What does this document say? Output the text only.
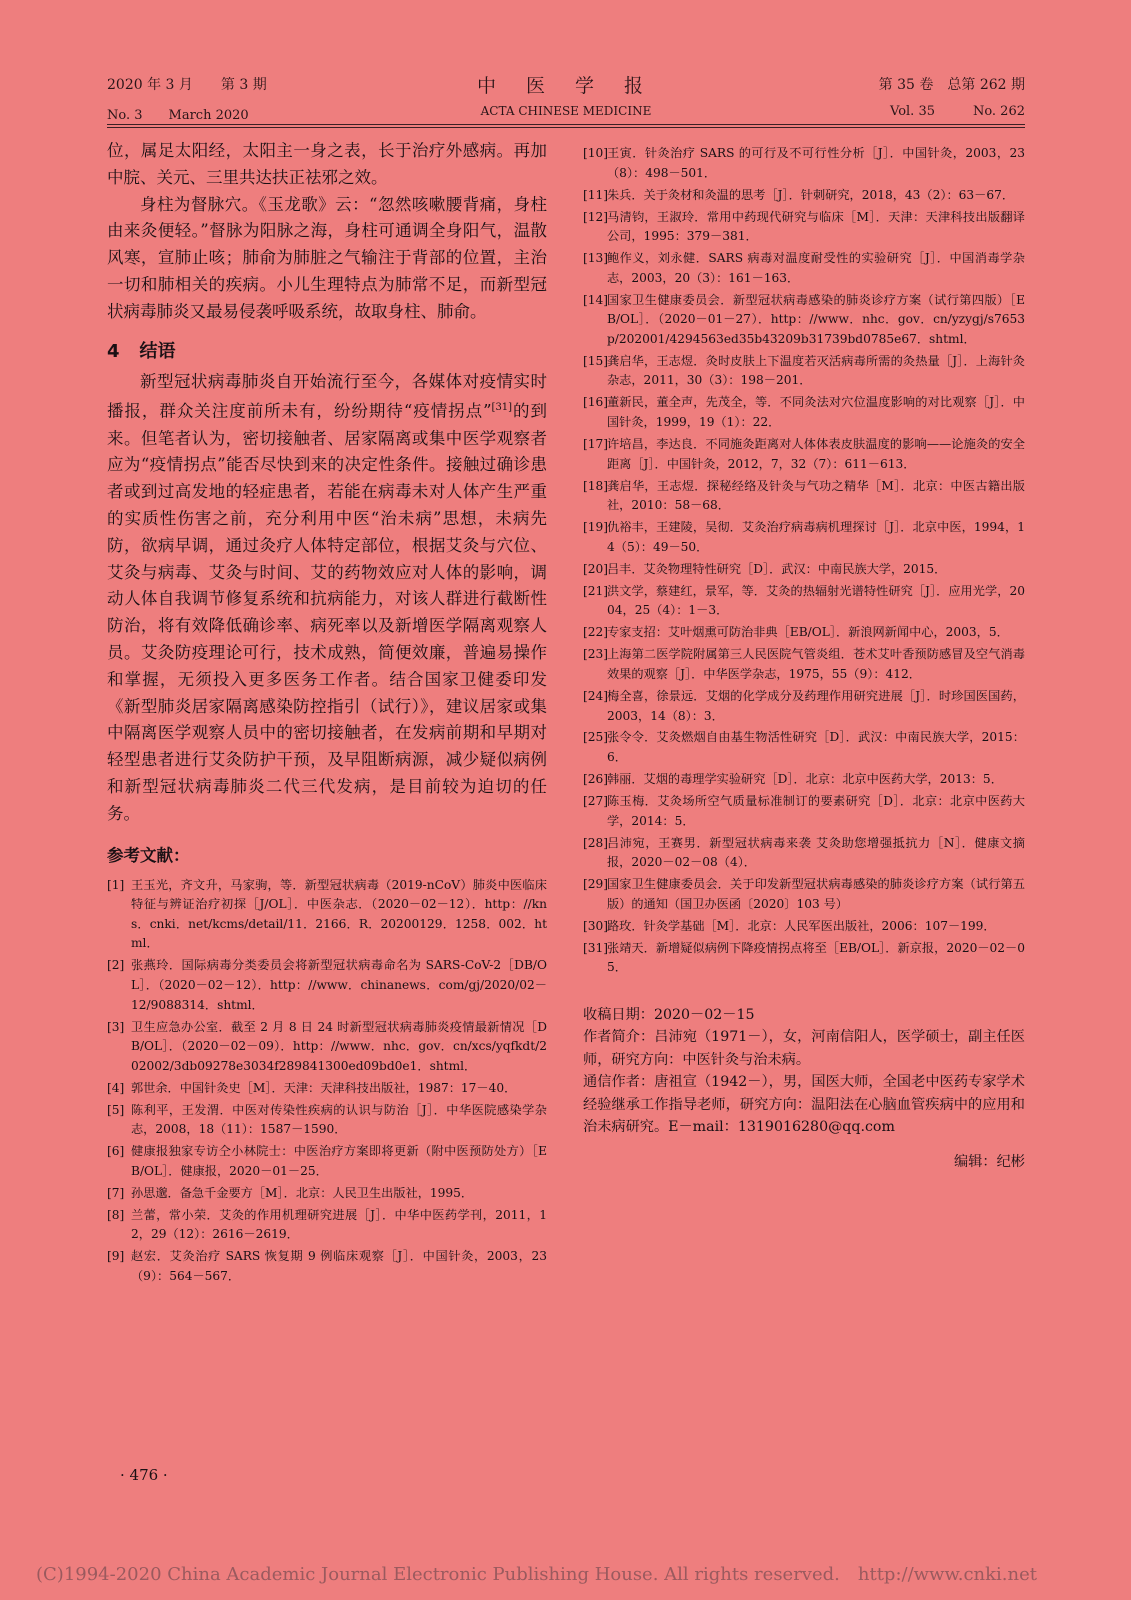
2020 年 3 月　　第 3 期	中 医 学 报	第 35 卷　总第 262 期
No. 3　　March 2020	ACTA CHINESE MEDICINE	Vol. 35	No. 262

位，属足太阳经，太阳主一身之表，长于治疗外感病。再加中脘、关元、三里共达扶正祛邪之效。

身柱为督脉穴。《玉龙歌》云：“忽然咳嗽腰背痛，身柱由来灸便轻。”督脉为阳脉之海，身柱可通调全身阳气，温散风寒，宣肺止咳；肺俞为肺脏之气输注于背部的位置，主治一切和肺相关的疾病。小儿生理特点为肺常不足，而新型冠状病毒肺炎又最易侵袭呼吸系统，故取身柱、肺俞。

4 结语

新型冠状病毒肺炎自开始流行至今，各媒体对疫情实时播报，群众关注度前所未有，纷纷期待“疫情拐点”[31]的到来。但笔者认为，密切接触者、居家隔离或集中医学观察者应为“疫情拐点”能否尽快到来的决定性条件。接触过确诊患者或到过高发地的轻症患者，若能在病毒未对人体产生严重的实质性伤害之前，充分利用中医“治未病”思想，未病先防，欲病早调，通过灸疗人体特定部位，根据艾灸与穴位、艾灸与病毒、艾灸与时间、艾的药物效应对人体的影响，调动人体自我调节修复系统和抗病能力，对该人群进行截断性防治，将有效降低确诊率、病死率以及新增医学隔离观察人员。艾灸防疫理论可行，技术成熟，简便效廉，普遍易操作和掌握，无须投入更多医务工作者。结合国家卫健委印发《新型肺炎居家隔离感染防控指引（试行）》，建议居家或集中隔离医学观察人员中的密切接触者，在发病前期和早期对轻型患者进行艾灸防护干预，及早阻断病源，减少疑似病例和新型冠状病毒肺炎二代三代发病，是目前较为迫切的任务。

参考文献：
[1] 王玉光，齐文升，马家驹，等．新型冠状病毒（2019-nCoV）肺炎中医临床特征与辨证治疗初探［J/OL］．中医杂志．（2020－02－12）．http：//kns．cnki．net/kcms/detail/11．2166．R．20200129．1258．002．html．
[2] 张燕玲．国际病毒分类委员会将新型冠状病毒命名为 SARS-CoV-2［DB/OL］．（2020－02－12）．http：//www．chinanews．com/gj/2020/02－12/9088314．shtml．
[3] 卫生应急办公室．截至 2 月 8 日 24 时新型冠状病毒肺炎疫情最新情况［DB/OL］．（2020－02－09）．http：//www．nhc．gov．cn/xcs/yqfkdt/202002/3db09278e3034f289841300ed09bd0e1．shtml．
[4] 郭世余．中国针灸史［M］．天津：天津科技出版社，1987：17－40．
[5] 陈利平，王发渭．中医对传染性疾病的认识与防治［J］．中华医院感染学杂志，2008，18（11）：1587－1590．
[6] 健康报独家专访仝小林院士：中医治疗方案即将更新（附中医预防处方）［EB/OL］．健康报，2020－01－25．
[7] 孙思邈．备急千金要方［M］．北京：人民卫生出版社，1995．
[8] 兰蕾，常小荣．艾灸的作用机理研究进展［J］．中华中医药学刊，2011，12，29（12）：2616－2619．
[9] 赵宏．艾灸治疗 SARS 恢复期 9 例临床观察［J］．中国针灸，2003，23（9）：564－567．
[10]
王寅．针灸治疗 SARS 的可行及不可行性分析［J］．中国针灸，2003，23（8）：498－501．
[11]
朱兵．关于灸材和灸温的思考［J］．针刺研究，2018，43（2）：63－67．
[12]
马清钧，王淑玲．常用中药现代研究与临床［M］．天津：天津科技出版翻译公司，1995：379－381．
[13]
鲍作义，刘永健．SARS 病毒对温度耐受性的实验研究［J］．中国消毒学杂志，2003，20（3）：161－163．
[14]
国家卫生健康委员会．新型冠状病毒感染的肺炎诊疗方案（试行第四版）［EB/OL］．（2020－01－27）．http：//www．nhc．gov．cn/yzygj/s7653p/202001/4294563ed35b43209b31739bd0785e67．shtml．
[15]
龚启华，王志煜．灸时皮肤上下温度若灭活病毒所需的灸热量［J］．上海针灸杂志，2011，30（3）：198－201．
[16]
董新民，董全声，先茂全，等．不同灸法对穴位温度影响的对比观察［J］．中国针灸，1999，19（1）：22．
[17]
许培昌，李达良．不同施灸距离对人体体表皮肤温度的影响——论施灸的安全距离［J］．中国针灸，2012，7，32（7）：611－613．
[18]
龚启华，王志煜．探秘经络及针灸与气功之精华［M］．北京：中医古籍出版社，2010：58－68．
[19]
仇裕丰，王建陵，吴彻．艾灸治疗病毒病机理探讨［J］．北京中医，1994，14（5）：49－50．
[20]
吕丰．艾灸物理特性研究［D］．武汉：中南民族大学，2015．
[21]
洪文学，蔡建红，景军，等．艾灸的热辐射光谱特性研究［J］．应用光学，2004，25（4）：1－3．
[22]
专家支招：艾叶烟熏可防治非典［EB/OL］．新浪网新闻中心，2003，5．
[23]
上海第二医学院附属第三人民医院气管炎组．苍术艾叶香预防感冒及空气消毒效果的观察［J］．中华医学杂志，1975，55（9）：412．
[24]
梅全喜，徐景远．艾烟的化学成分及药理作用研究进展［J］．时珍国医国药，2003，14（8）：3．
[25]
张令令．艾灸燃烟自由基生物活性研究［D］．武汉：中南民族大学，2015：6．
[26]
韩丽．艾烟的毒理学实验研究［D］．北京：北京中医药大学，2013：5．
[27]
陈玉梅．艾灸场所空气质量标准制订的要素研究［D］．北京：北京中医药大学，2014：5．
[28]
吕沛宛，王赛男．新型冠状病毒来袭 艾灸助您增强抵抗力［N］．健康文摘报，2020－02－08（4）．
[29]
国家卫生健康委员会．关于印发新型冠状病毒感染的肺炎诊疗方案（试行第五版）的通知（国卫办医函〔2020〕103 号）
[30]
路玫．针灸学基础［M］．北京：人民军医出版社，2006：107－199．
[31]
张靖天．新增疑似病例下降疫情拐点将至［EB/OL］．新京报，2020－02－05．

收稿日期：2020－02－15

作者简介：吕沛宛（1971－），女，河南信阳人，医学硕士，副主任医师，研究方向：中医针灸与治未病。

通信作者：唐祖宣（1942－），男，国医大师，全国老中医药专家学术经验继承工作指导老师，研究方向：温阳法在心脑血管疾病中的应用和治未病研究。E－mail：1319016280@qq.com

编辑：纪彬

· 476 ·
(C)1994-2020 China Academic Journal Electronic Publishing House. All rights reserved. http://www.cnki.net
